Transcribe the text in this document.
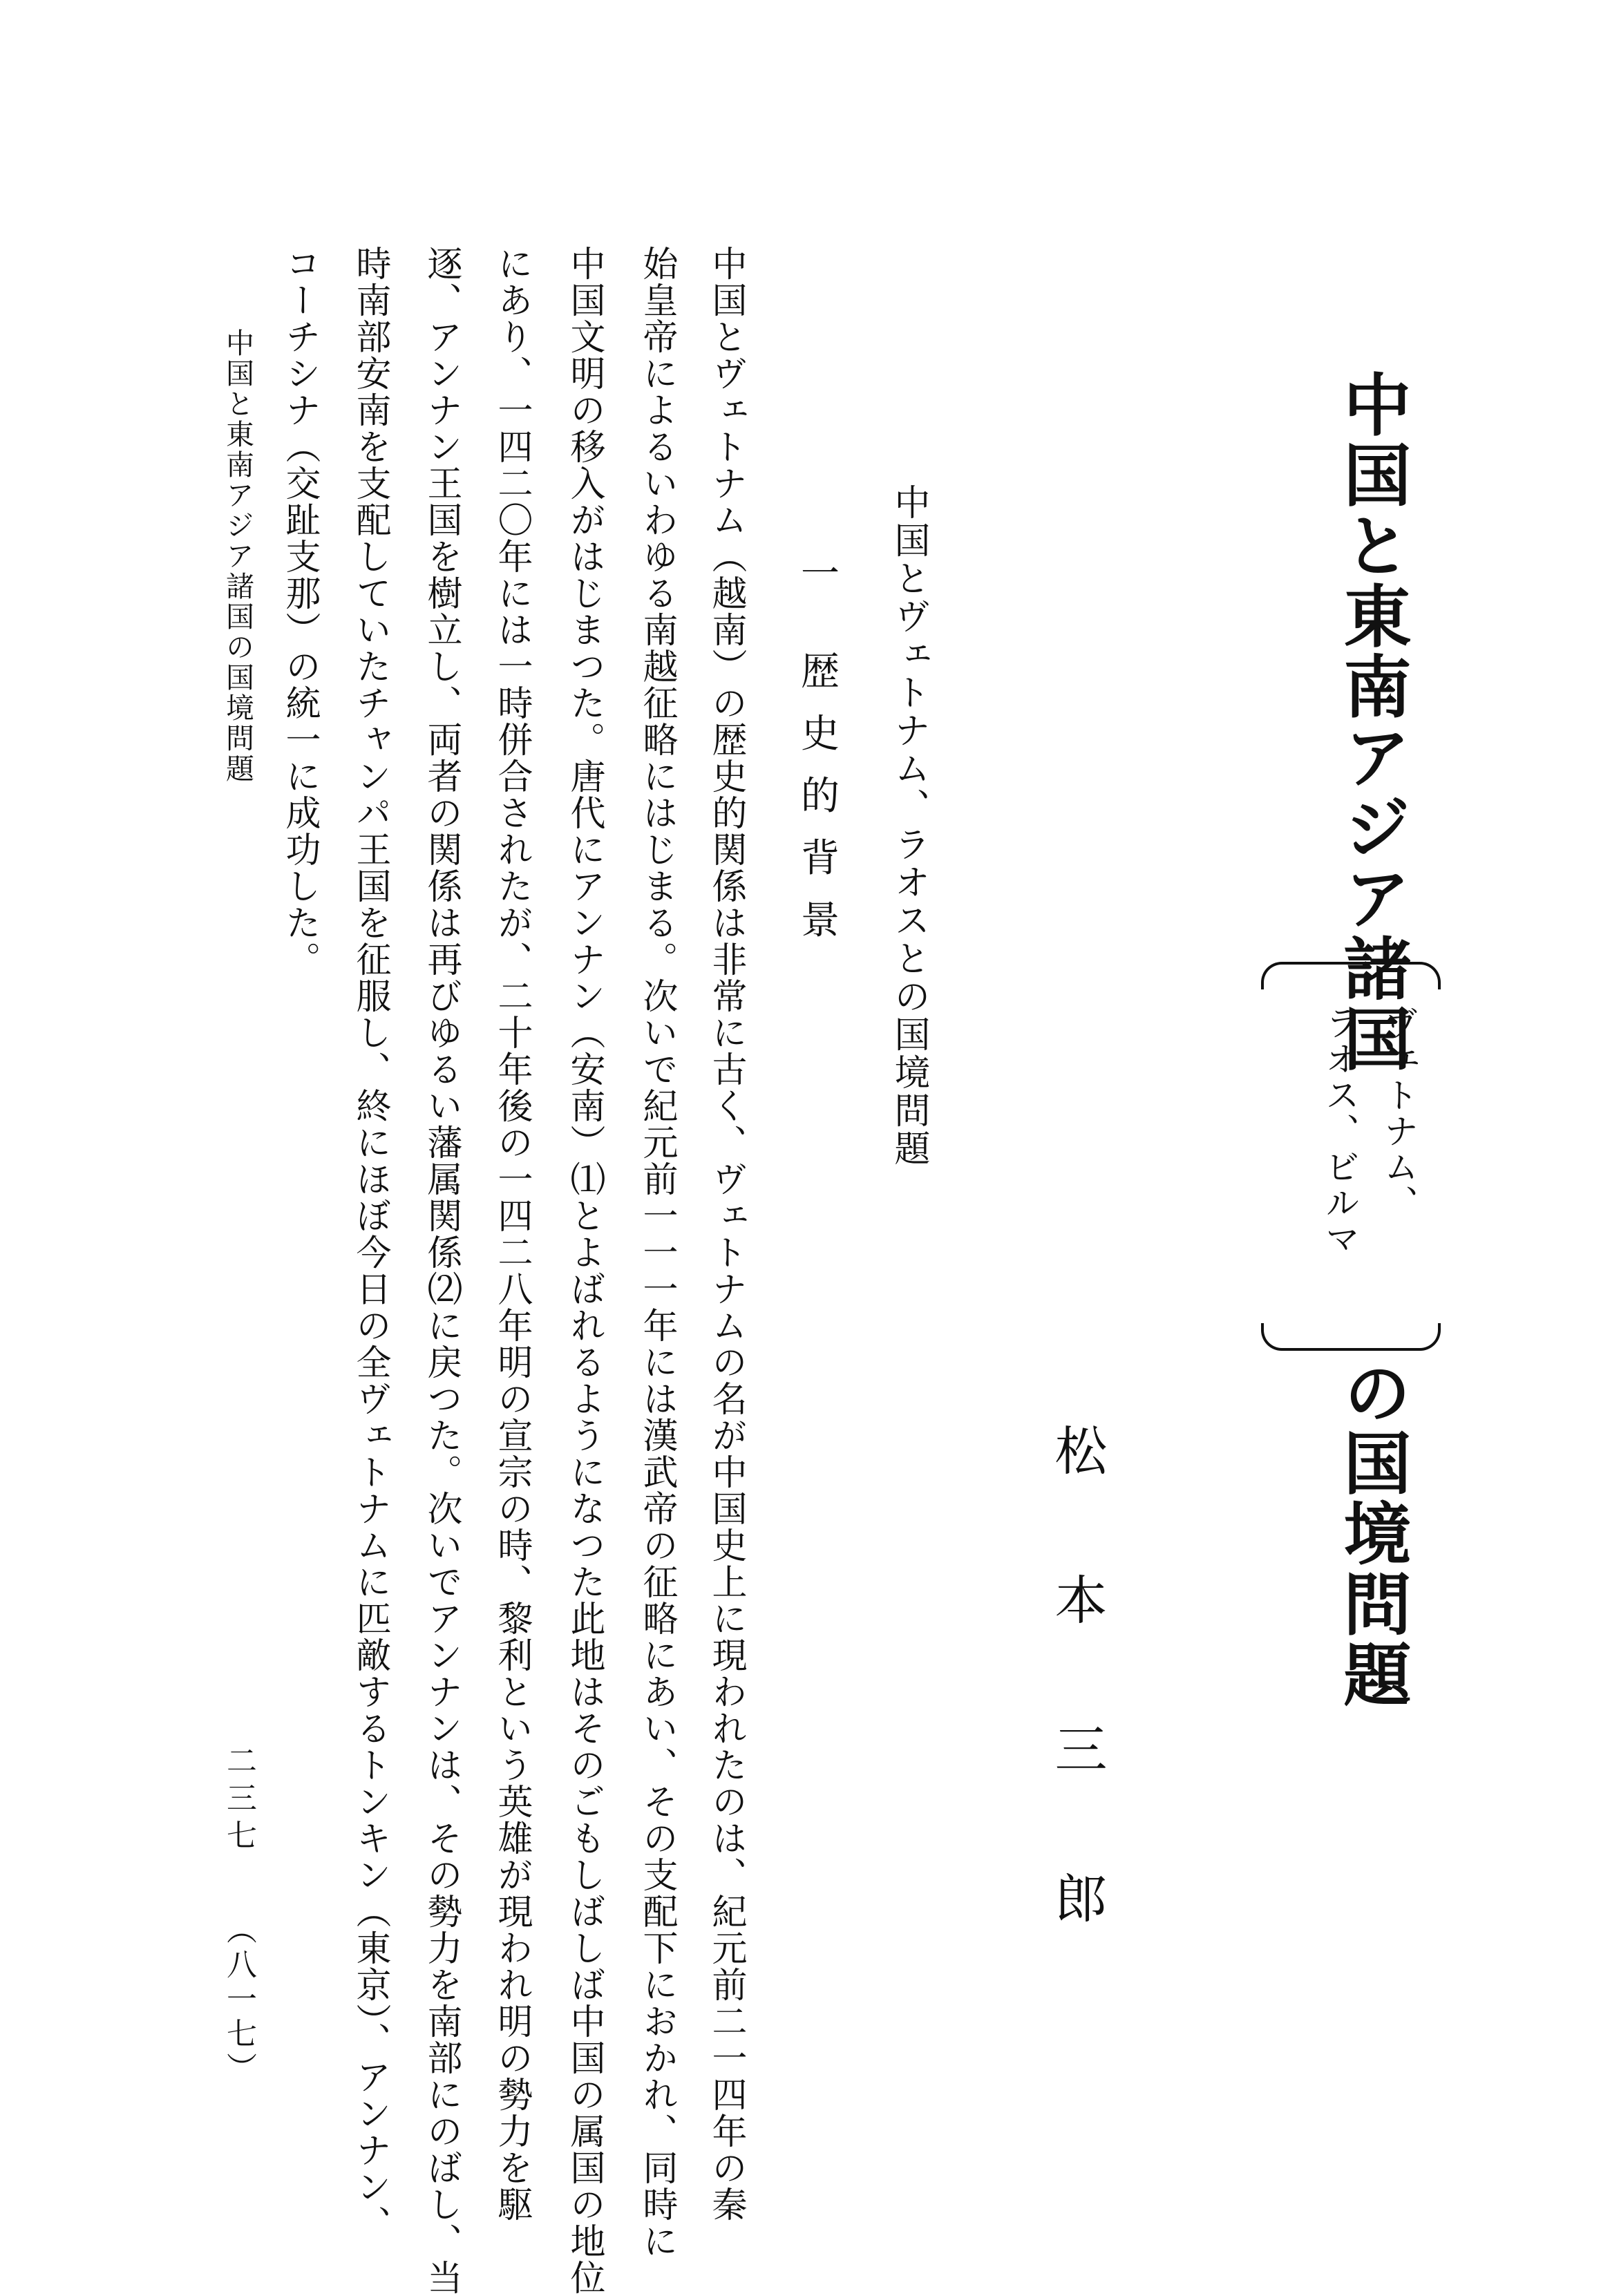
中国と東南アジア諸国
ヴェトナム、
ラオス、ビルマ
の国境問題
松本三郎
中国とヴェトナム、ラオスとの国境問題
一 歴史的背景
中国とヴェトナム（越南）の歴史的関係は非常に古く、ヴェトナムの名が中国史上に現われたのは、紀元前二一四年の秦
始皇帝によるいわゆる南越征略にはじまる。次いで紀元前一一一年には漢武帝の征略にあい、その支配下におかれ、同時に
中国文明の移入がはじまつた。唐代にアンナン（安南）⑴とよばれるようになつた此地はそのごもしばしば中国の属国の地位
にあり、一四二〇年には一時併合されたが、二十年後の一四二八年明の宣宗の時、黎利という英雄が現われ明の勢力を駆
逐、アンナン王国を樹立し、両者の関係は再びゆるい藩属関係⑵に戻つた。次いでアンナンは、その勢力を南部にのばし、当
時南部安南を支配していたチャンパ王国を征服し、終にほぼ今日の全ヴェトナムに匹敵するトンキン（東京）、アンナン、
コーチシナ（交趾支那）の統一に成功した。
中国と東南アジア諸国の国境問題
二三七
（八一七）
